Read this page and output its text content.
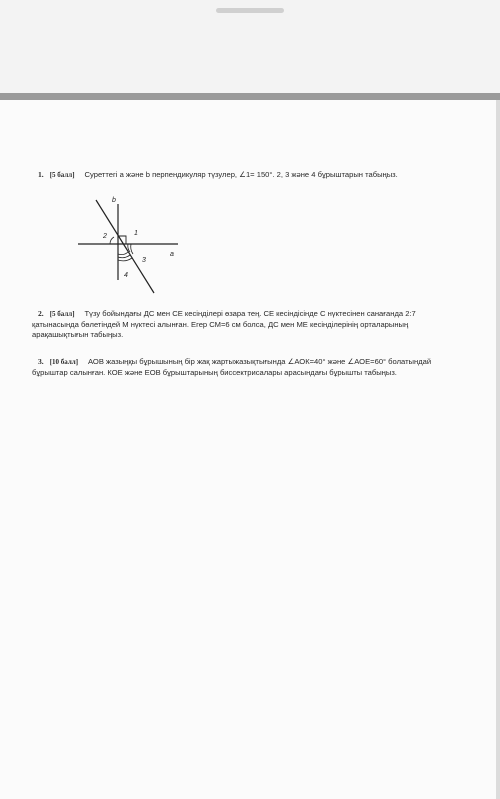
1. [5 балл] Суреттегі a және b перпендикуляр түзулер, ∠1= 150°. 2, 3 және 4 бұрыштарын табыңыз.
b
a
1
2
3
4
2. [5 балл] Түзу бойындағы ДС мен СЕ кесінділері өзара тең. СЕ кесіндісінде С нүктесінен санағанда 2:7 қатынасында бөлетіндей М нүктесі алынған. Егер СМ=6 см болса, ДС мен МЕ кесінділерінің орталарының арақашықтығын табыңыз.
3. [10 балл] АОВ жазыңқы бұрышының бір жақ жартыжазықтығында ∠АОК=40° және ∠АОЕ=60° болатындай бұрыштар салынған. КОЕ және ЕОВ бұрыштарының биссектрисалары арасындағы бұрышты табыңыз.
